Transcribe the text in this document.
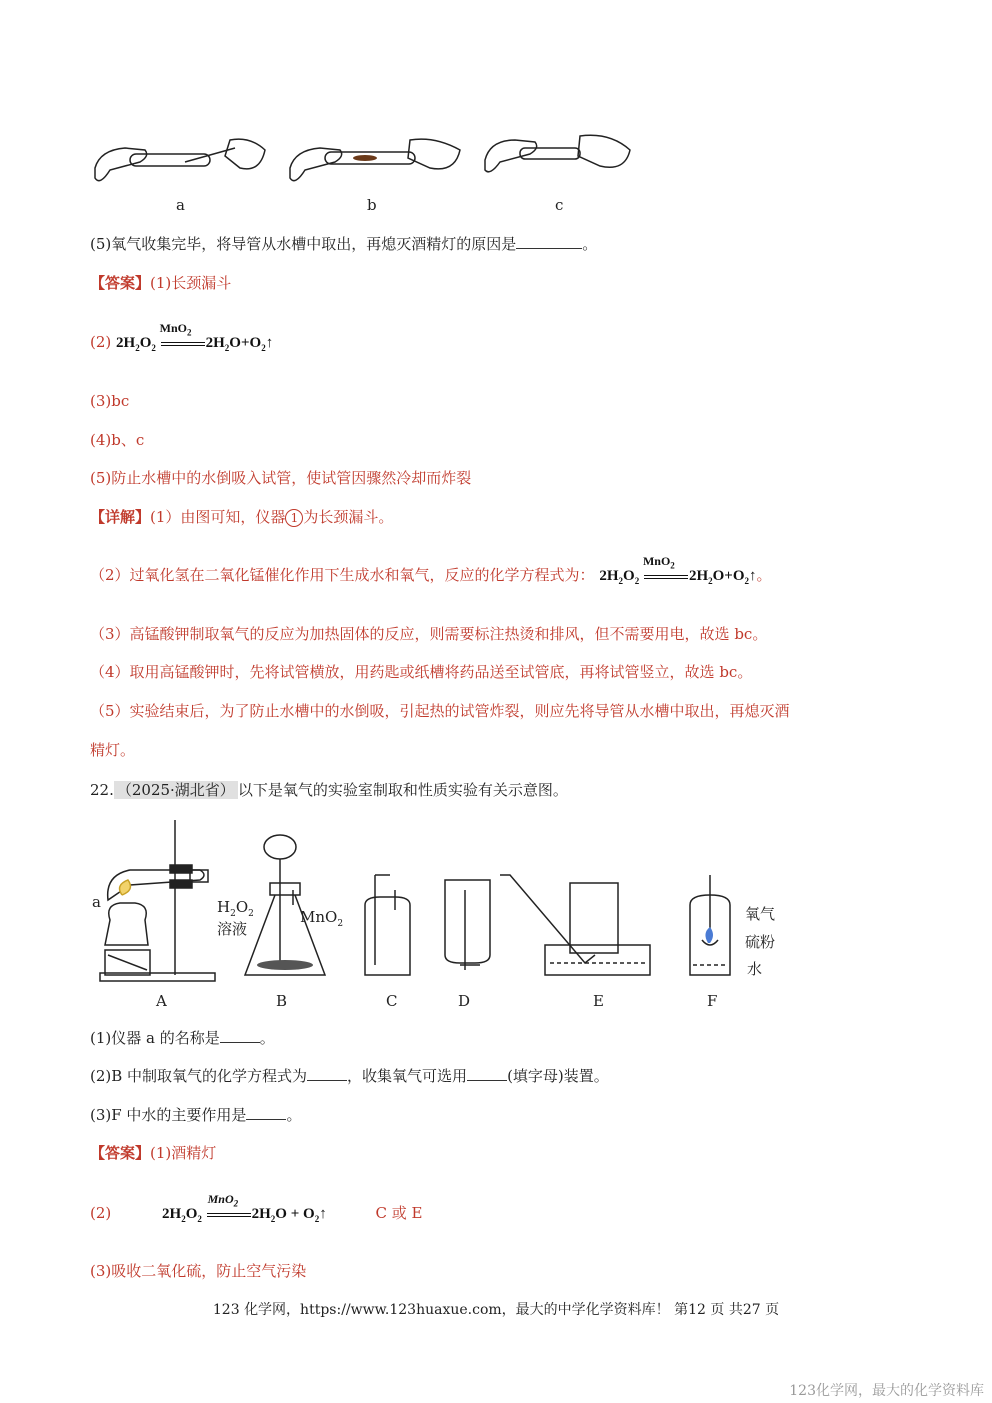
a	b	c
(5)氧气收集完毕，将导管从水槽中取出，再熄灭酒精灯的原因是	。
【答案】(1)长颈漏斗
(2) $2H_2O_2$
MnO$_2$
$2H_2O+O_2↑$
(3)bc
(4)b、c
(5)防止水槽中的水倒吸入试管，使试管因骤然冷却而炸裂
【详解】(1）由图可知，仪器 1 为长颈漏斗。
（2）过氧化氢在二氧化锰催化作用下生成水和氧气，反应的化学方程式为： $2H_2O_2$
MnO$_2$
$2H_2O+O_2↑$。
（3）高锰酸钾制取氧气的反应为加热固体的反应，则需要标注热烫和排风，但不需要用电，故选 bc。
（4）取用高锰酸钾时，先将试管横放，用药匙或纸槽将药品送至试管底，再将试管竖立，故选 bc。
（5）实验结束后，为了防止水槽中的水倒吸，引起热的试管炸裂，则应先将导管从水槽中取出，再熄灭酒
精灯。
22. （2025·湖北省） 以下是氧气的实验室制取和性质实验有关示意图。
a	$H_2O_2$
溶液
MnO$_2$
氧气
硫粉
水
A	B	C	D	E	F
(1)仪器 a 的名称是	。
(2)B 中制取氧气的化学方程式为	，收集氧气可选用	(填字母)装置。
(3)F 中水的主要作用是	。
【答案】(1)酒精灯
(2)	$2H_2O_2$
MnO$_2$
$2H_2O$ + $O_2↑$	C 或 E
(3)吸收二氧化硫，防止空气污染
123 化学网，https://www.123huaxue.com，最大的中学化学资料库！ 第12 页 共27 页
123化学网，最大的化学资料库
